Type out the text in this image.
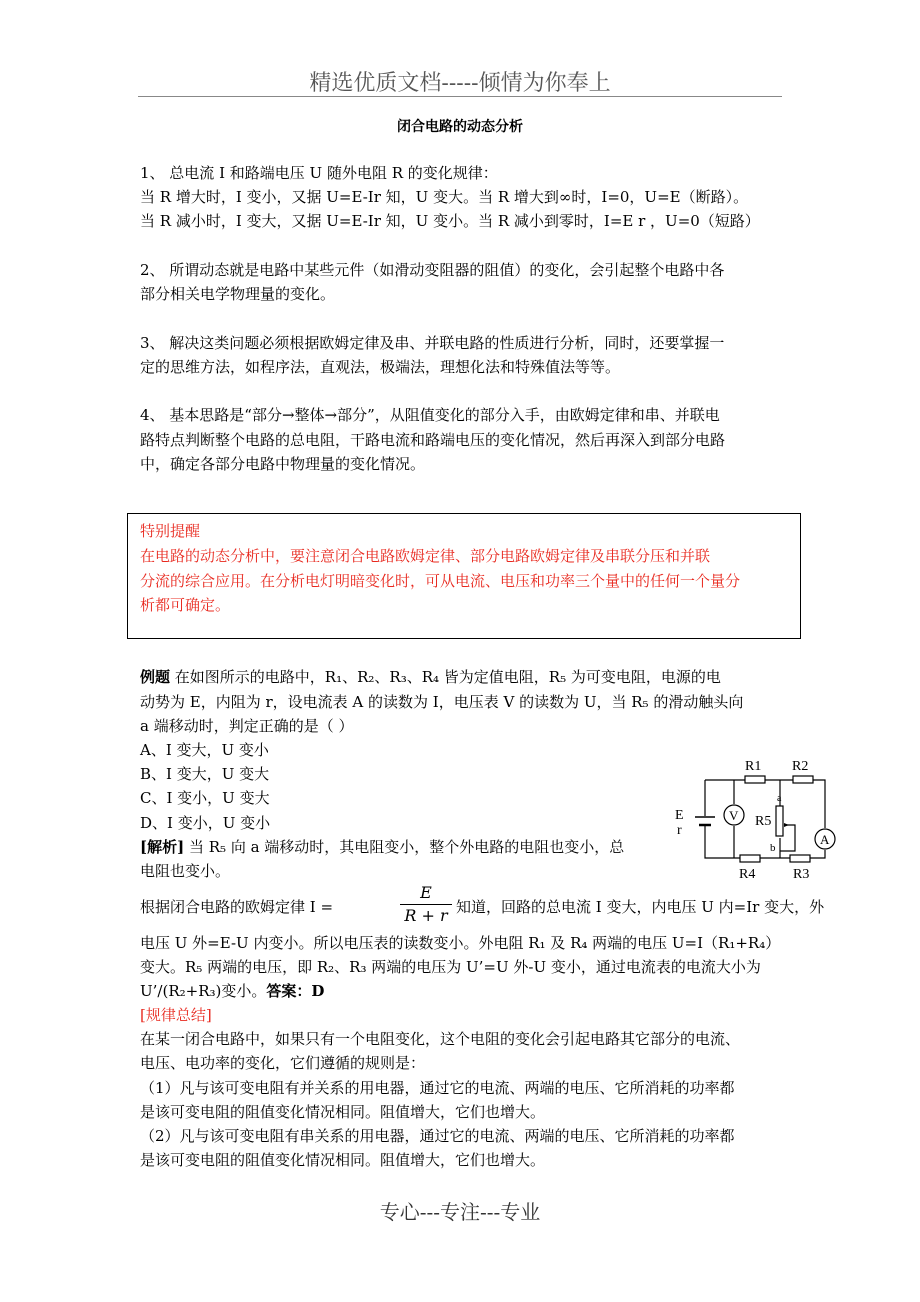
精选优质文档-----倾情为你奉上
闭合电路的动态分析
1、 总电流 I 和路端电压 U 随外电阻 R 的变化规律：
当 R 增大时，I 变小，又据 U=E-Ir 知，U 变大。当 R 增大到∞时，I=0，U=E（断路）。
当 R 减小时，I 变大，又据 U=E-Ir 知，U 变小。当 R 减小到零时，I=E r ，U=0（短路）
2、 所谓动态就是电路中某些元件（如滑动变阻器的阻值）的变化，会引起整个电路中各
部分相关电学物理量的变化。
3、 解决这类问题必须根据欧姆定律及串、并联电路的性质进行分析，同时，还要掌握一
定的思维方法，如程序法，直观法，极端法，理想化法和特殊值法等等。
4、 基本思路是“部分→整体→部分”，从阻值变化的部分入手，由欧姆定律和串、并联电
路特点判断整个电路的总电阻，干路电流和路端电压的变化情况，然后再深入到部分电路
中，确定各部分电路中物理量的变化情况。
特别提醒
在电路的动态分析中，要注意闭合电路欧姆定律、部分电路欧姆定律及串联分压和并联
分流的综合应用。在分析电灯明暗变化时，可从电流、电压和功率三个量中的任何一个量分
析都可确定。
例题 在如图所示的电路中，R₁、R₂、R₃、R₄ 皆为定值电阻，R₅ 为可变电阻，电源的电
动势为 E，内阻为 r，设电流表 A 的读数为 I，电压表 V 的读数为 U，当 R₅ 的滑动触头向
a 端移动时，判定正确的是（ ）
A、I 变大，U 变小
B、I 变大，U 变大
C、I 变小，U 变大
D、I 变小，U 变小
[解析] 当 R₅ 向 a 端移动时，其电阻变小，整个外电路的电阻也变小，总
电阻也变小。
根据闭合电路的欧姆定律 I =	$\frac{E}{R + r}$ 知道，回路的总电流 I 变大，内电压 U 内=Ir 变大，外
电压 U 外=E-U 内变小。所以电压表的读数变小。外电阻 R₁ 及 R₄ 两端的电压 U=I（R₁+R₄）
变大。R₅ 两端的电压，即 R₂、R₃ 两端的电压为 U’=U 外-U 变小，通过电流表的电流大小为
U’/(R₂+R₃)变小。答案：D
[规律总结]
在某一闭合电路中，如果只有一个电阻变化，这个电阻的变化会引起电路其它部分的电流、
电压、电功率的变化，它们遵循的规则是：
（1）凡与该可变电阻有并关系的用电器，通过它的电流、两端的电压、它所消耗的功率都
是该可变电阻的阻值变化情况相同。阻值增大，它们也增大。
（2）凡与该可变电阻有串关系的用电器，通过它的电流、两端的电压、它所消耗的功率都
是该可变电阻的阻值变化情况相同。阻值增大，它们也增大。
R1 R2
R4	R3
R5
E
r
V
A
a
b
专心---专注---专业
